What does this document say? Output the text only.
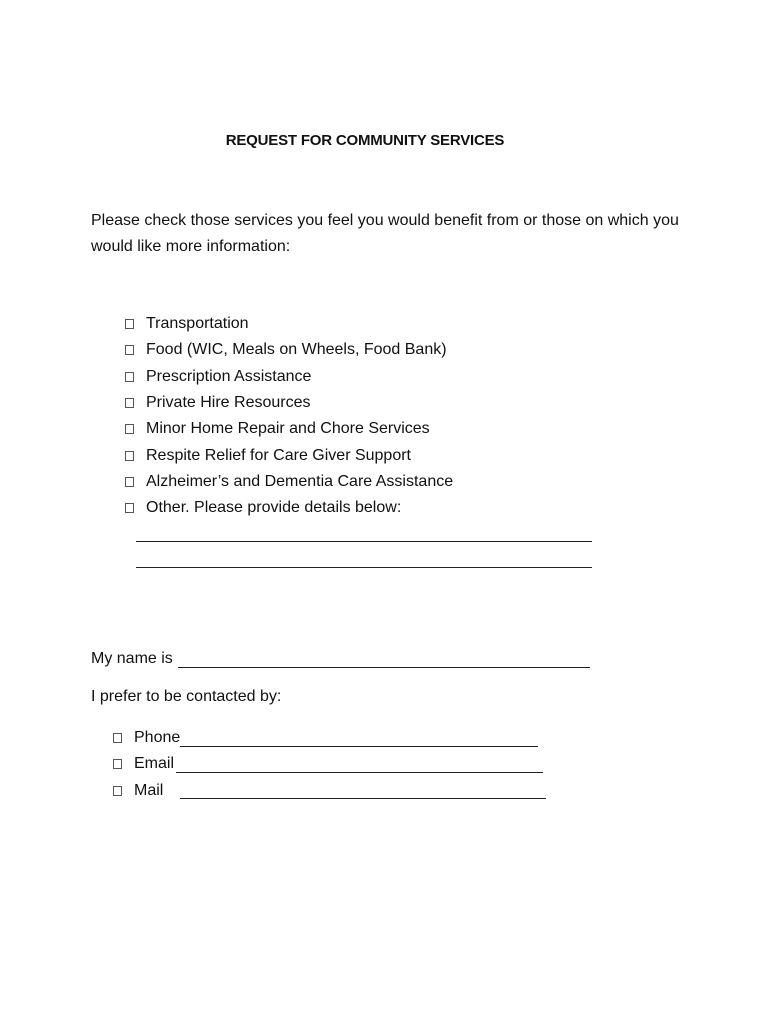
REQUEST FOR COMMUNITY SERVICES
Please check those services you feel you would benefit from or those on which you would like more information:
Transportation
Food (WIC, Meals on Wheels, Food Bank)
Prescription Assistance
Private Hire Resources
Minor Home Repair and Chore Services
Respite Relief for Care Giver Support
Alzheimer’s and Dementia Care Assistance
Other. Please provide details below:
My name is
I prefer to be contacted by:
Phone
Email
Mail
